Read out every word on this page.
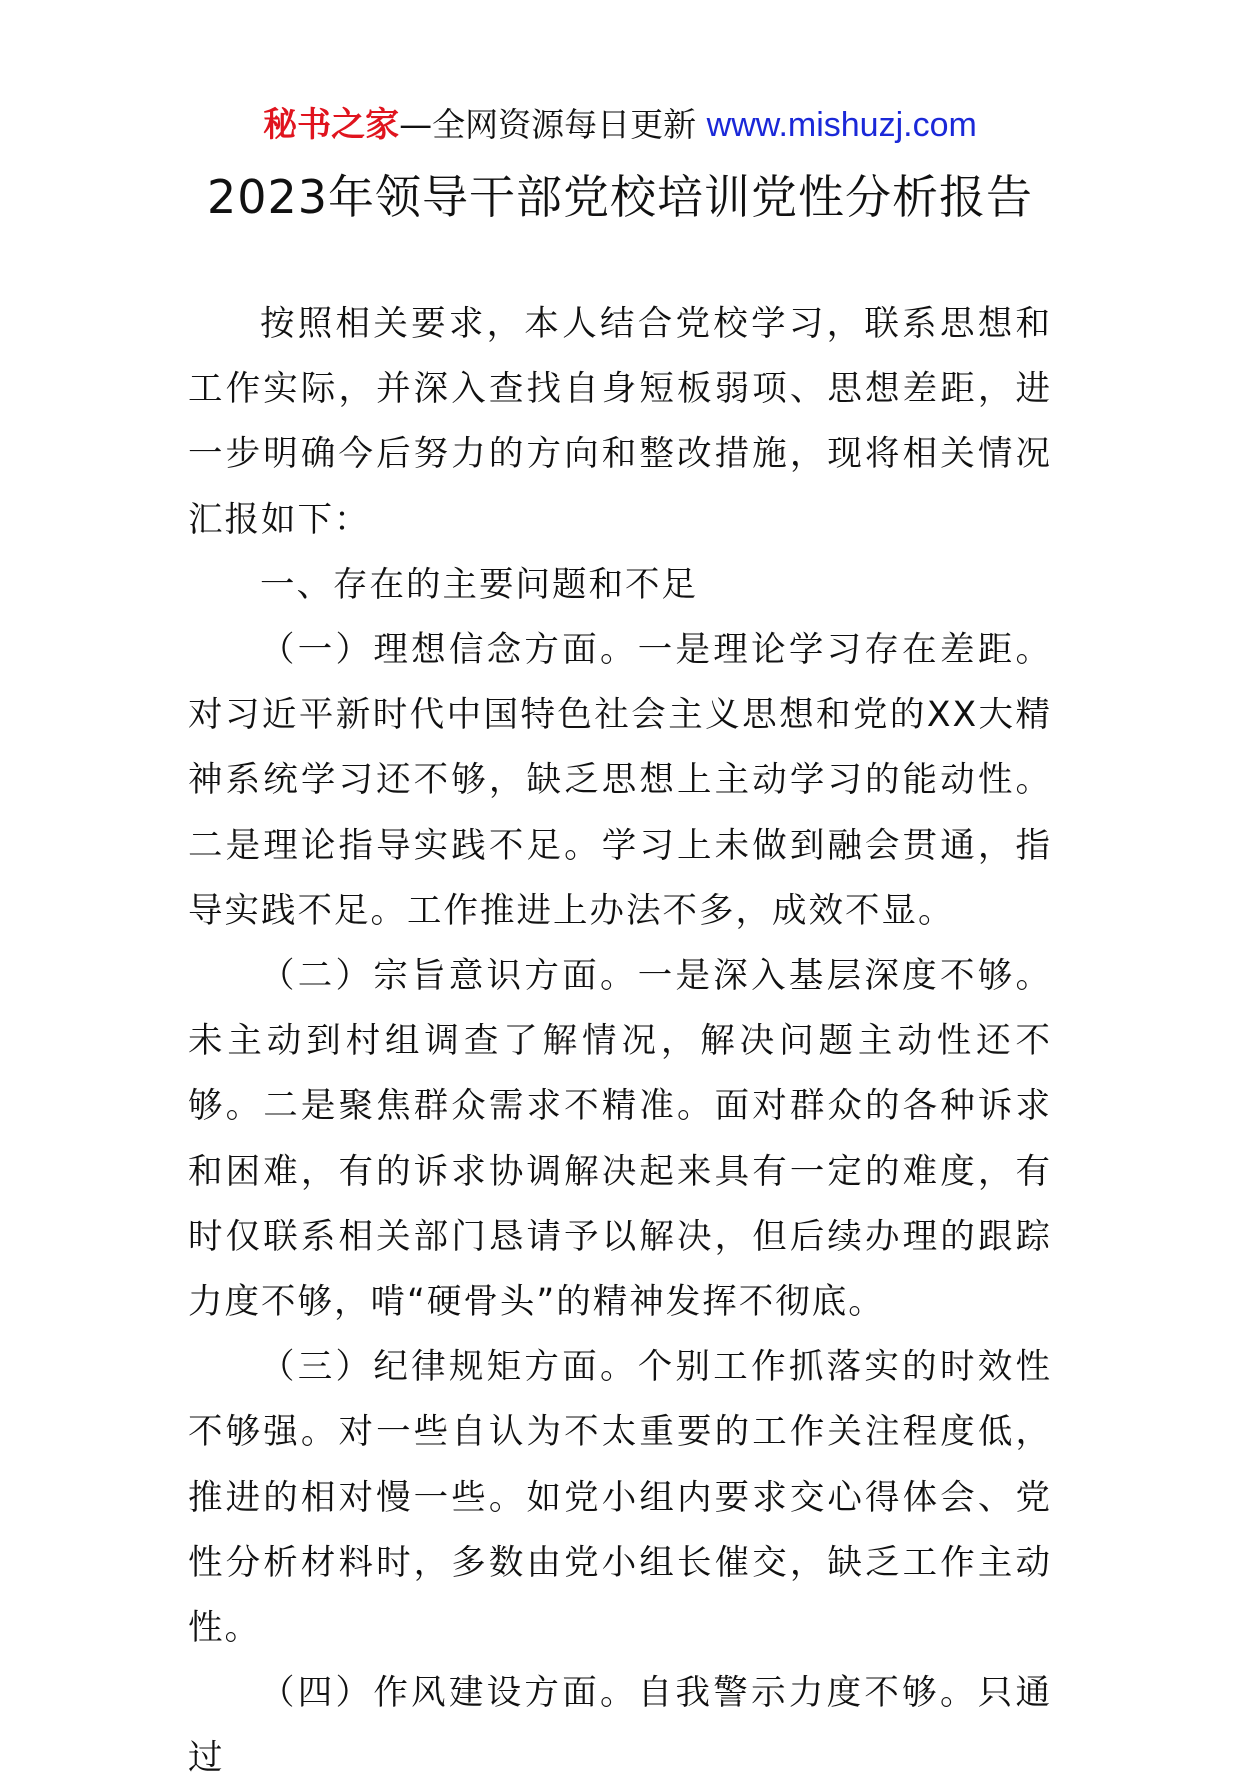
秘书之家—全网资源每日更新 www.mishuzj.com
2023年领导干部党校培训党性分析报告

按照相关要求，本人结合党校学习，联系思想和工作实际，并深入查找自身短板弱项、思想差距，进一步明确今后努力的方向和整改措施，现将相关情况汇报如下：

一、存在的主要问题和不足

（一）理想信念方面。一是理论学习存在差距。对习近平新时代中国特色社会主义思想和党的XX大精神系统学习还不够，缺乏思想上主动学习的能动性。二是理论指导实践不足。学习上未做到融会贯通，指导实践不足。工作推进上办法不多，成效不显。

（二）宗旨意识方面。一是深入基层深度不够。未主动到村组调查了解情况，解决问题主动性还不够。二是聚焦群众需求不精准。面对群众的各种诉求和困难，有的诉求协调解决起来具有一定的难度，有时仅联系相关部门恳请予以解决，但后续办理的跟踪力度不够，啃“硬骨头”的精神发挥不彻底。

（三）纪律规矩方面。个别工作抓落实的时效性不够强。对一些自认为不太重要的工作关注程度低，推进的相对慢一些。如党小组内要求交心得体会、党性分析材料时，多数由党小组长催交，缺乏工作主动性。

（四）作风建设方面。自我警示力度不够。只通过
